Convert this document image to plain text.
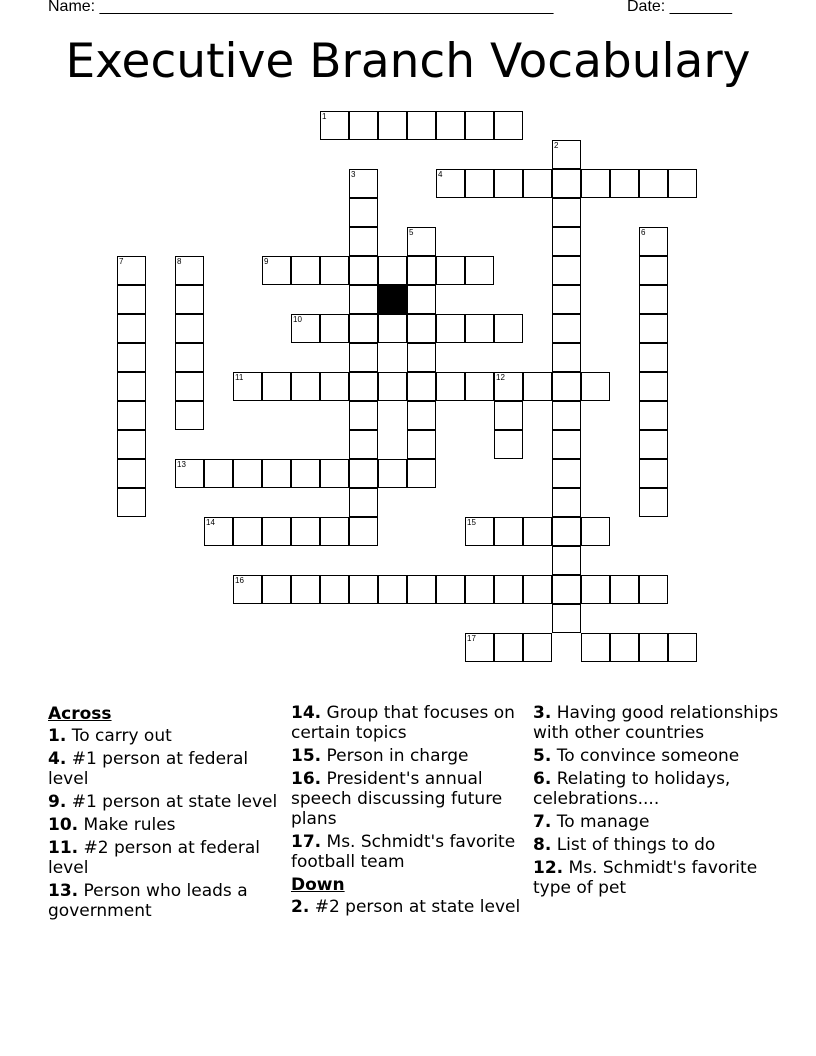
Name: ___________________________________________________	Date: _______
Executive Branch Vocabulary
1
2
3	4
5	6
7	8	9
10
11	12
13
14	15
16
17
Across
1. To carry out
4. #1 person at federal level
9. #1 person at state level
10. Make rules
11. #2 person at federal level
13. Person who leads a government
14. Group that focuses on certain topics
15. Person in charge
16. President's annual speech discussing future plans
17. Ms. Schmidt's favorite football team
Down
2. #2 person at state level
3. Having good relationships with other countries
5. To convince someone
6. Relating to holidays, celebrations....
7. To manage
8. List of things to do
12. Ms. Schmidt's favorite type of pet
